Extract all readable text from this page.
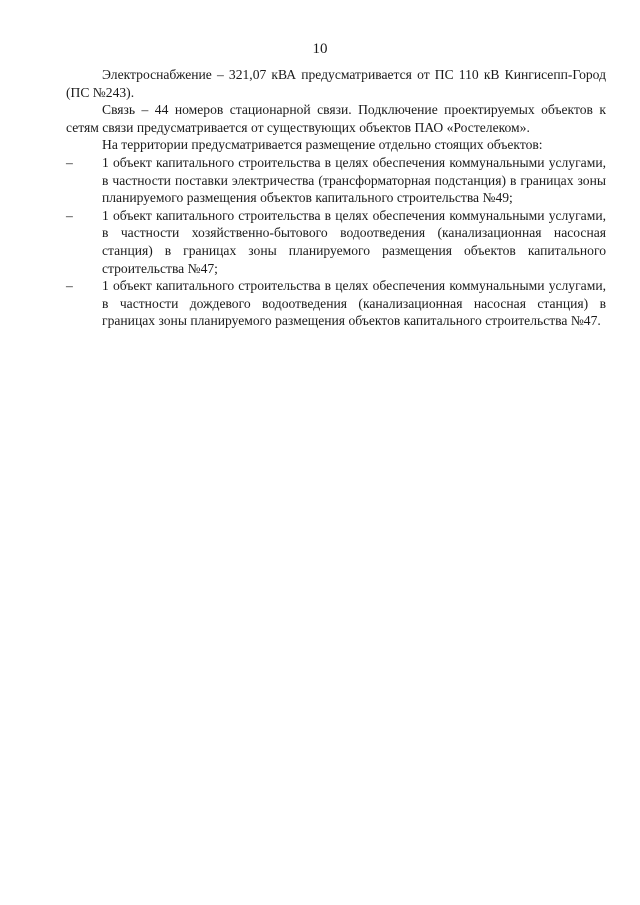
10

Электроснабжение – 321,07 кВА предусматривается от ПС 110 кВ Кингисепп-Город (ПС №243).

Связь – 44 номеров стационарной связи. Подключение проектируемых объектов к сетям связи предусматривается от существующих объектов ПАО «Ростелеком».

На территории предусматривается размещение отдельно стоящих объектов:

– 1 объект капитального строительства в целях обеспечения коммунальными услугами, в частности поставки электричества (трансформаторная подстанция) в границах зоны планируемого размещения объектов капитального строительства №49;
– 1 объект капитального строительства в целях обеспечения коммунальными услугами, в частности хозяйственно-бытового водоотведения (канализационная насосная станция) в границах зоны планируемого размещения объектов капитального строительства №47;
– 1 объект капитального строительства в целях обеспечения коммунальными услугами, в частности дождевого водоотведения (канализационная насосная станция) в границах зоны планируемого размещения объектов капитального строительства №47.
